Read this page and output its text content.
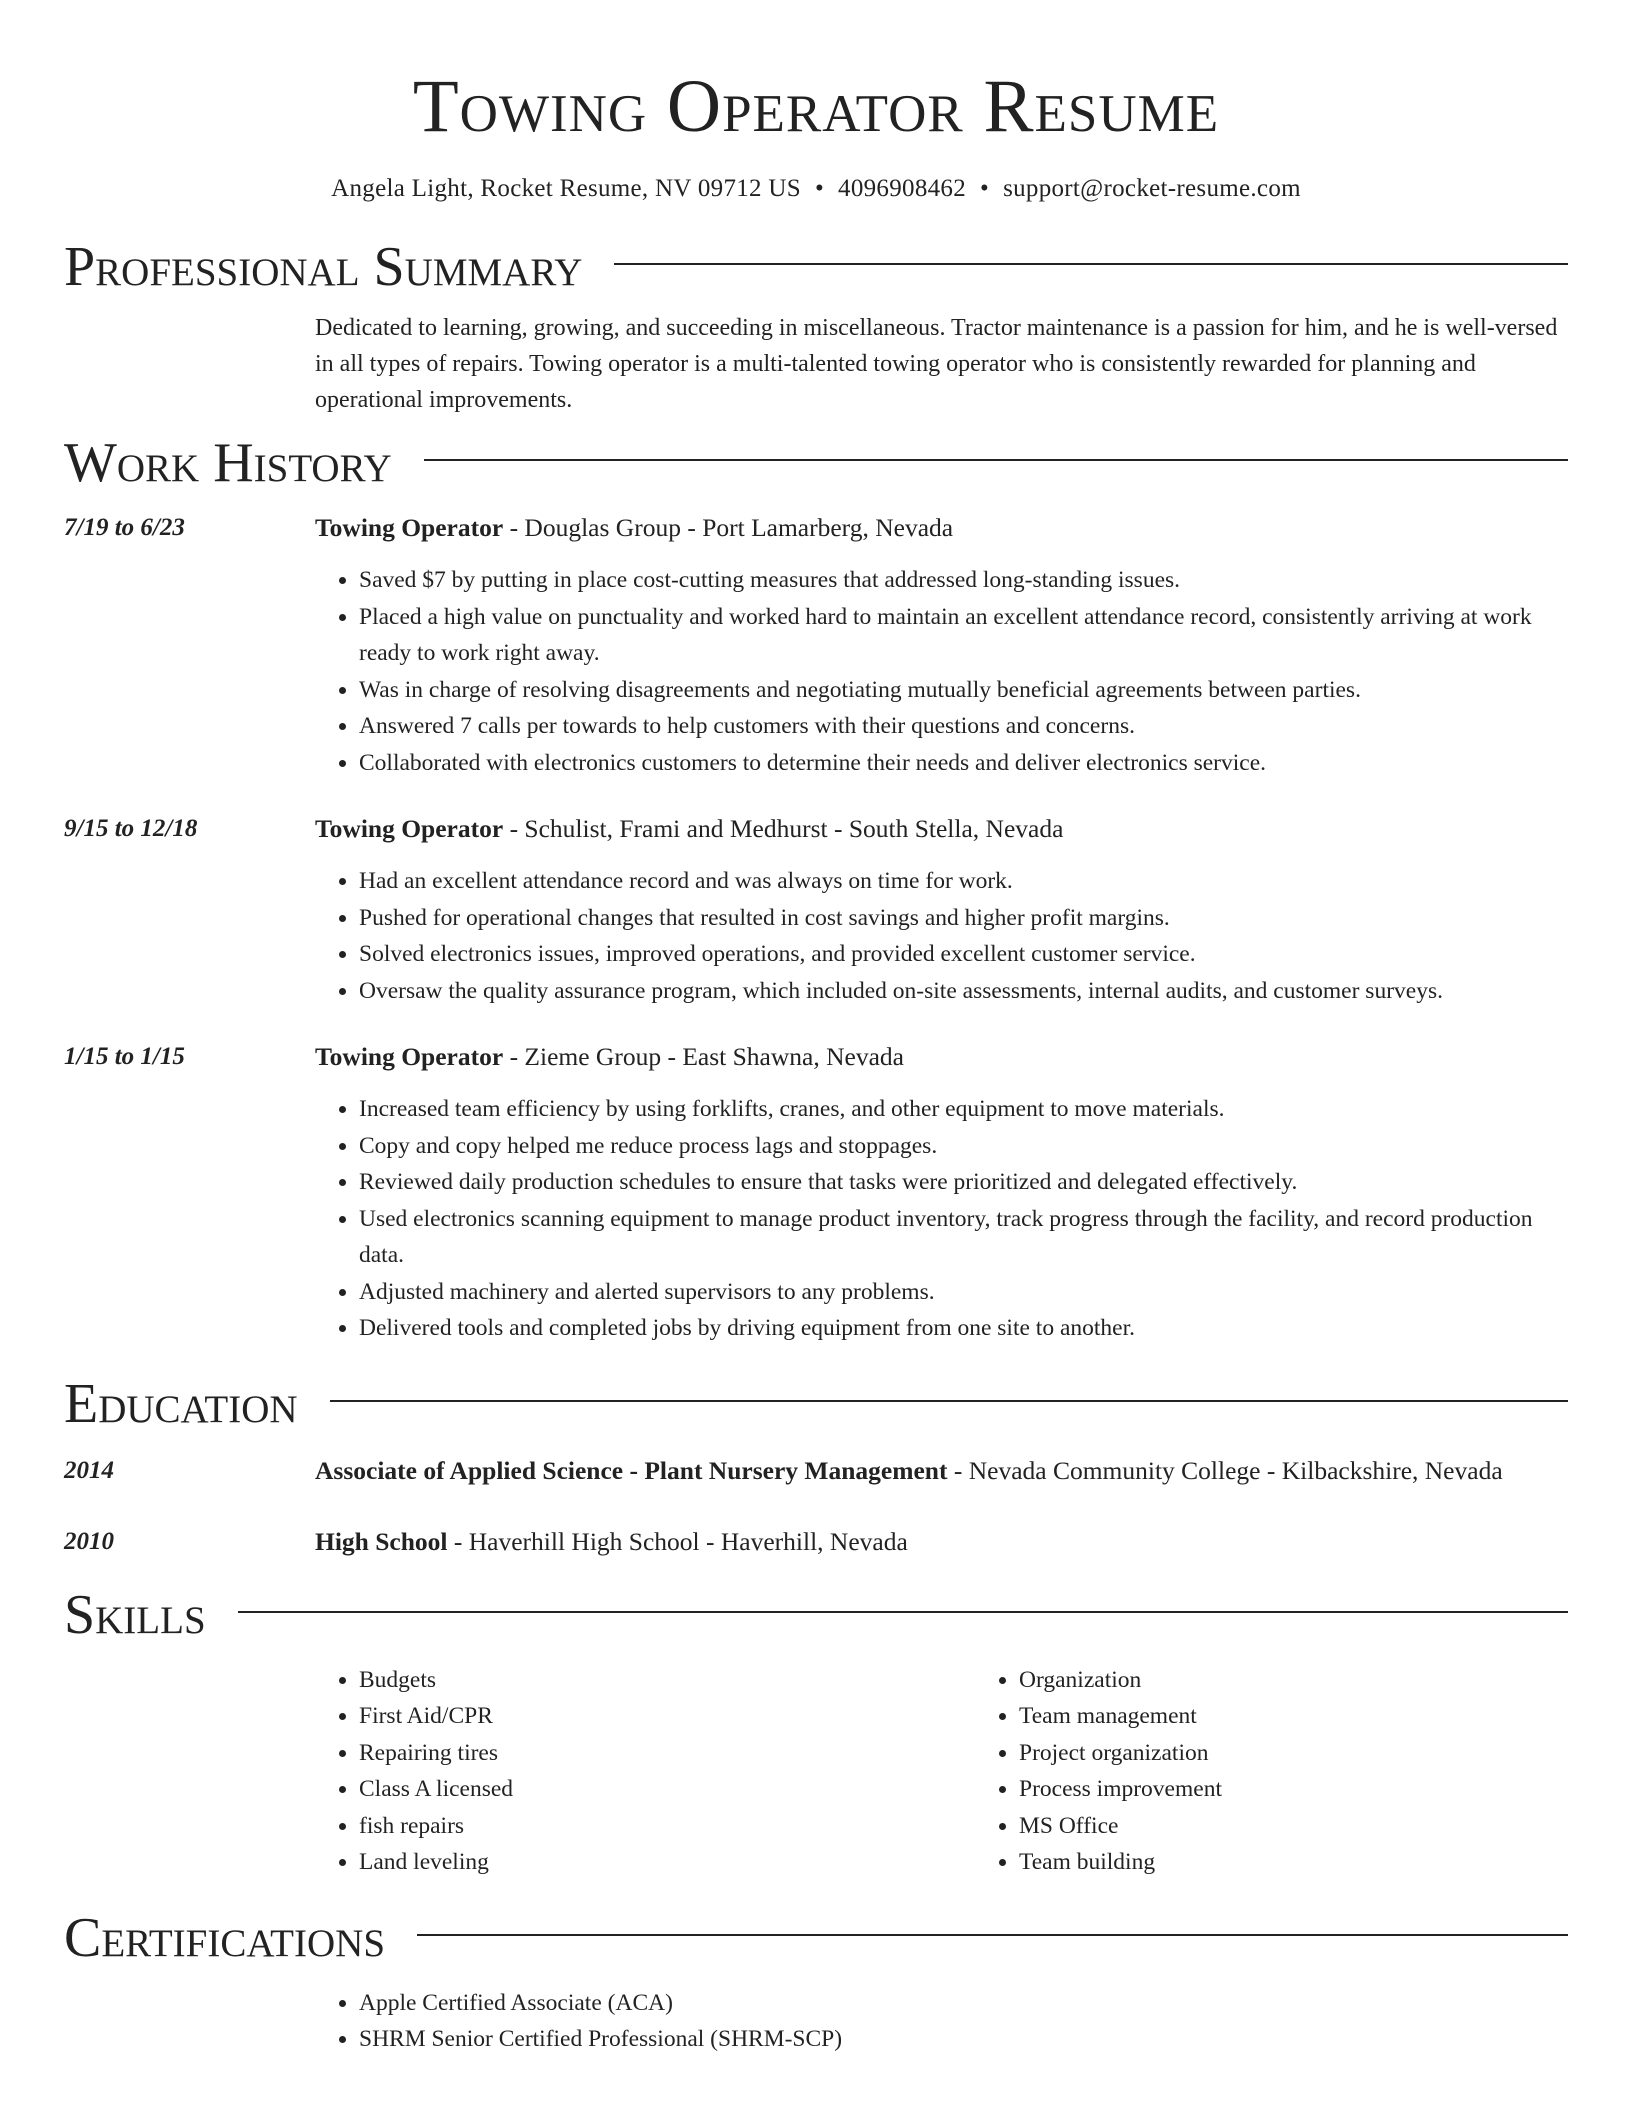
Towing Operator Resume
Angela Light, Rocket Resume, NV 09712 US • 4096908462 • support@rocket-resume.com
Professional Summary
Dedicated to learning, growing, and succeeding in miscellaneous. Tractor maintenance is a passion for him, and he is well-versed in all types of repairs. Towing operator is a multi-talented towing operator who is consistently rewarded for planning and operational improvements.
Work History
7/19 to 6/23	Towing Operator - Douglas Group - Port Lamarberg, Nevada
• Saved $7 by putting in place cost-cutting measures that addressed long-standing issues.
• Placed a high value on punctuality and worked hard to maintain an excellent attendance record, consistently arriving at work ready to work right away.
• Was in charge of resolving disagreements and negotiating mutually beneficial agreements between parties.
• Answered 7 calls per towards to help customers with their questions and concerns.
• Collaborated with electronics customers to determine their needs and deliver electronics service.
9/15 to 12/18	Towing Operator - Schulist, Frami and Medhurst - South Stella, Nevada
• Had an excellent attendance record and was always on time for work.
• Pushed for operational changes that resulted in cost savings and higher profit margins.
• Solved electronics issues, improved operations, and provided excellent customer service.
• Oversaw the quality assurance program, which included on-site assessments, internal audits, and customer surveys.
1/15 to 1/15	Towing Operator - Zieme Group - East Shawna, Nevada
• Increased team efficiency by using forklifts, cranes, and other equipment to move materials.
• Copy and copy helped me reduce process lags and stoppages.
• Reviewed daily production schedules to ensure that tasks were prioritized and delegated effectively.
• Used electronics scanning equipment to manage product inventory, track progress through the facility, and record production data.
• Adjusted machinery and alerted supervisors to any problems.
• Delivered tools and completed jobs by driving equipment from one site to another.
Education
2014	Associate of Applied Science - Plant Nursery Management - Nevada Community College - Kilbackshire, Nevada
2010	High School - Haverhill High School - Haverhill, Nevada
Skills
• Budgets
• First Aid/CPR
• Repairing tires
• Class A licensed
• fish repairs
• Land leveling
• Organization
• Team management
• Project organization
• Process improvement
• MS Office
• Team building
Certifications
• Apple Certified Associate (ACA)
• SHRM Senior Certified Professional (SHRM-SCP)
